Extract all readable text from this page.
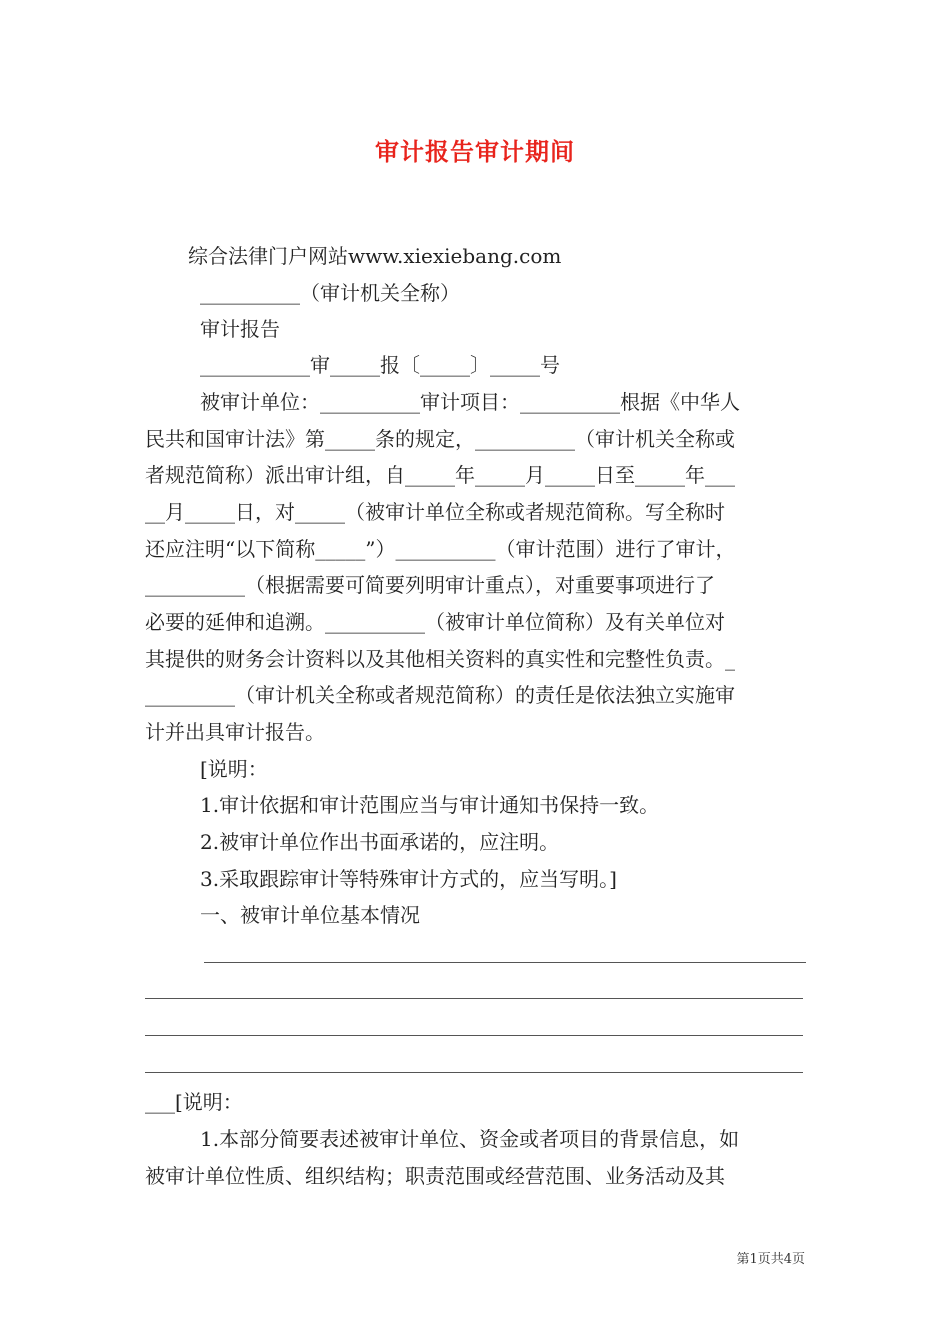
审计报告审计期间
综合法律门户网站www.xiexiebang.com
__________（审计机关全称）
审计报告
___________审_____报〔_____〕_____号
被审计单位：__________审计项目：__________根据《中华人
民共和国审计法》第_____条的规定，__________（审计机关全称或
者规范简称）派出审计组，自_____年_____月_____日至_____年___
__月_____日，对_____（被审计单位全称或者规范简称。写全称时
还应注明“以下简称_____”）__________（审计范围）进行了审计，
__________（根据需要可简要列明审计重点），对重要事项进行了
必要的延伸和追溯。__________（被审计单位简称）及有关单位对
其提供的财务会计资料以及其他相关资料的真实性和完整性负责。_
_________（审计机关全称或者规范简称）的责任是依法独立实施审
计并出具审计报告。
[说明：
1.审计依据和审计范围应当与审计通知书保持一致。
2.被审计单位作出书面承诺的，应注明。
3.采取跟踪审计等特殊审计方式的，应当写明。]
一、被审计单位基本情况
___[说明：
1.本部分简要表述被审计单位、资金或者项目的背景信息，如
被审计单位性质、组织结构；职责范围或经营范围、业务活动及其
第1页共4页
